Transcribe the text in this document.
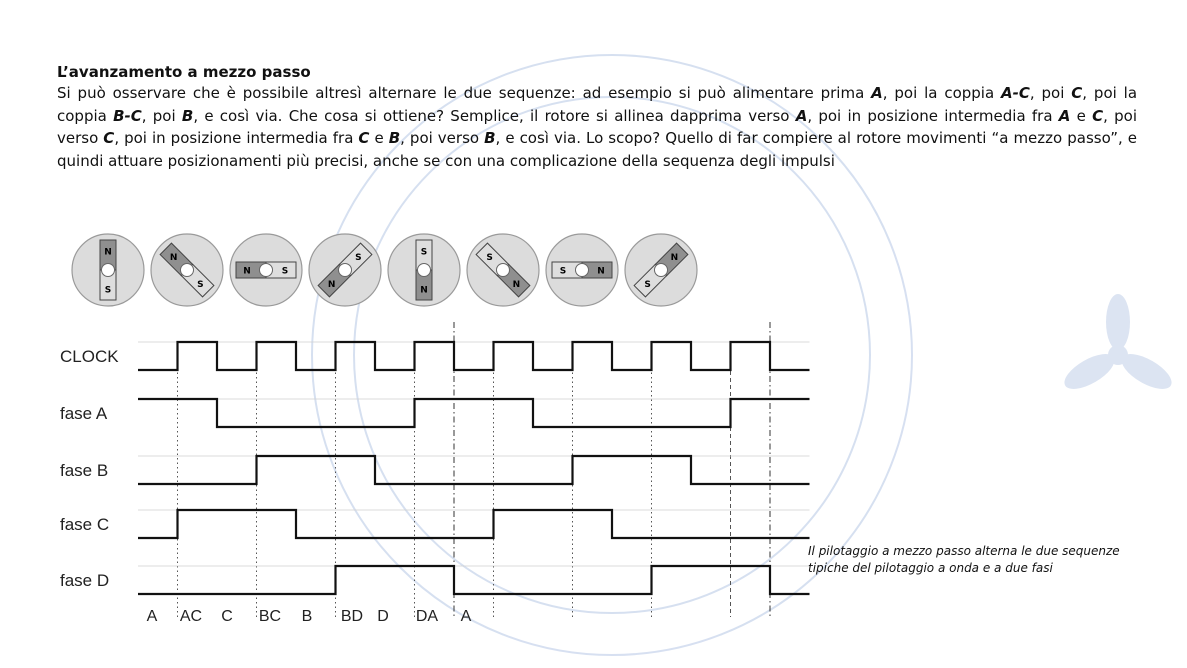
L’avanzamento a mezzo passo

Si può osservare che è possibile altresì alternare le due sequenze: ad esempio si può alimentare prima A, poi la coppia A-C, poi C, poi la coppia B-C, poi B, e così via. Che cosa si ottiene? Semplice, il rotore si allinea dapprima verso A, poi in posizione intermedia fra A e C, poi verso C, poi in posizione intermedia fra C e B, poi verso B, e così via. Lo scopo? Quello di far compiere al rotore movimenti “a mezzo passo”, e quindi attuare posizionamenti più precisi, anche se con una complicazione della sequenza degli impulsi

N
S
N
S
N	S
N
S
N
S
N
S
N
S
N
S
CLOCK
fase A
fase B
fase C
fase D
A AC C BC B BD D DA A
Il pilotaggio a mezzo passo alterna le due sequenze tipiche del pilotaggio a onda e a due fasi
